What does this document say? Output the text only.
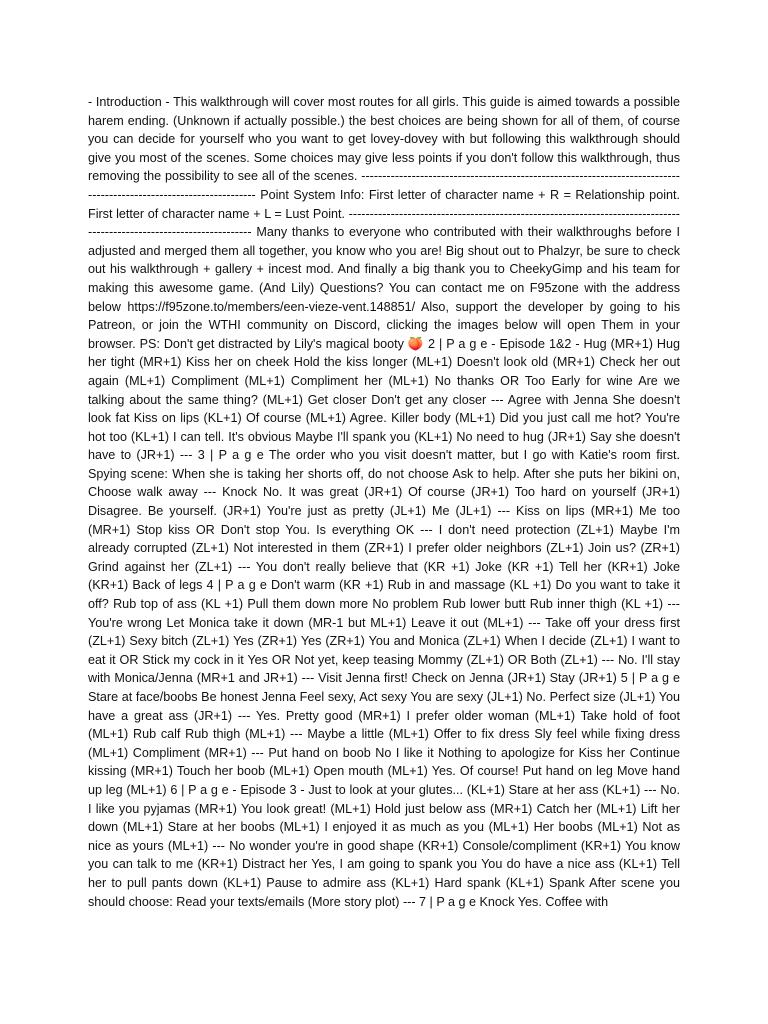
- Introduction - This walkthrough will cover most routes for all girls. This guide is aimed towards a possible harem ending. (Unknown if actually possible.) the best choices are being shown for all of them, of course you can decide for yourself who you want to get lovey-dovey with but following this walkthrough should give you most of the scenes. Some choices may give less points if you don't follow this walkthrough, thus removing the possibility to see all of the scenes. -------------------------------------------------------------------------------------------------------------------- Point System Info: First letter of character name + R = Relationship point. First letter of character name + L = Lust Point. ---------------------------------------------------------------------------------------------------------------------- Many thanks to everyone who contributed with their walkthroughs before I adjusted and merged them all together, you know who you are! Big shout out to Phalzyr, be sure to check out his walkthrough + gallery + incest mod. And finally a big thank you to CheekyGimp and his team for making this awesome game. (And Lily) Questions? You can contact me on F95zone with the address below https://f95zone.to/members/een-vieze-vent.148851/ Also, support the developer by going to his Patreon, or join the WTHI community on Discord, clicking the images below will open Them in your browser. PS: Don't get distracted by Lily's magical booty 🍑 2 | P a g e - Episode 1&2 - Hug (MR+1) Hug her tight (MR+1) Kiss her on cheek Hold the kiss longer (ML+1) Doesn't look old (MR+1) Check her out again (ML+1) Compliment (ML+1) Compliment her (ML+1) No thanks OR Too Early for wine Are we talking about the same thing? (ML+1) Get closer Don't get any closer --- Agree with Jenna She doesn't look fat Kiss on lips (KL+1) Of course (ML+1) Agree. Killer body (ML+1) Did you just call me hot? You're hot too (KL+1) I can tell. It's obvious Maybe I'll spank you (KL+1) No need to hug (JR+1) Say she doesn't have to (JR+1) --- 3 | P a g e The order who you visit doesn't matter, but I go with Katie's room first. Spying scene: When she is taking her shorts off, do not choose Ask to help. After she puts her bikini on, Choose walk away --- Knock No. It was great (JR+1) Of course (JR+1) Too hard on yourself (JR+1) Disagree. Be yourself. (JR+1) You're just as pretty (JL+1) Me (JL+1) --- Kiss on lips (MR+1) Me too (MR+1) Stop kiss OR Don't stop You. Is everything OK --- I don't need protection (ZL+1) Maybe I'm already corrupted (ZL+1) Not interested in them (ZR+1) I prefer older neighbors (ZL+1) Join us? (ZR+1) Grind against her (ZL+1) --- You don't really believe that (KR +1) Joke (KR +1) Tell her (KR+1) Joke (KR+1) Back of legs 4 | P a g e Don't warm (KR +1) Rub in and massage (KL +1) Do you want to take it off? Rub top of ass (KL +1) Pull them down more No problem Rub lower butt Rub inner thigh (KL +1) --- You're wrong Let Monica take it down (MR-1 but ML+1) Leave it out (ML+1) --- Take off your dress first (ZL+1) Sexy bitch (ZL+1) Yes (ZR+1) Yes (ZR+1) You and Monica (ZL+1) When I decide (ZL+1) I want to eat it OR Stick my cock in it Yes OR Not yet, keep teasing Mommy (ZL+1) OR Both (ZL+1) --- No. I'll stay with Monica/Jenna (MR+1 and JR+1) --- Visit Jenna first! Check on Jenna (JR+1) Stay (JR+1) 5 | P a g e Stare at face/boobs Be honest Jenna Feel sexy, Act sexy You are sexy (JL+1) No. Perfect size (JL+1) You have a great ass (JR+1) --- Yes. Pretty good (MR+1) I prefer older woman (ML+1) Take hold of foot (ML+1) Rub calf Rub thigh (ML+1) --- Maybe a little (ML+1) Offer to fix dress Sly feel while fixing dress (ML+1) Compliment (MR+1) --- Put hand on boob No I like it Nothing to apologize for Kiss her Continue kissing (MR+1) Touch her boob (ML+1) Open mouth (ML+1) Yes. Of course! Put hand on leg Move hand up leg (ML+1) 6 | P a g e - Episode 3 - Just to look at your glutes... (KL+1) Stare at her ass (KL+1) --- No. I like you pyjamas (MR+1) You look great! (ML+1) Hold just below ass (MR+1) Catch her (ML+1) Lift her down (ML+1) Stare at her boobs (ML+1) I enjoyed it as much as you (ML+1) Her boobs (ML+1) Not as nice as yours (ML+1) --- No wonder you're in good shape (KR+1) Console/compliment (KR+1) You know you can talk to me (KR+1) Distract her Yes, I am going to spank you You do have a nice ass (KL+1) Tell her to pull pants down (KL+1) Pause to admire ass (KL+1) Hard spank (KL+1) Spank After scene you should choose: Read your texts/emails (More story plot) --- 7 | P a g e Knock Yes. Coffee with
